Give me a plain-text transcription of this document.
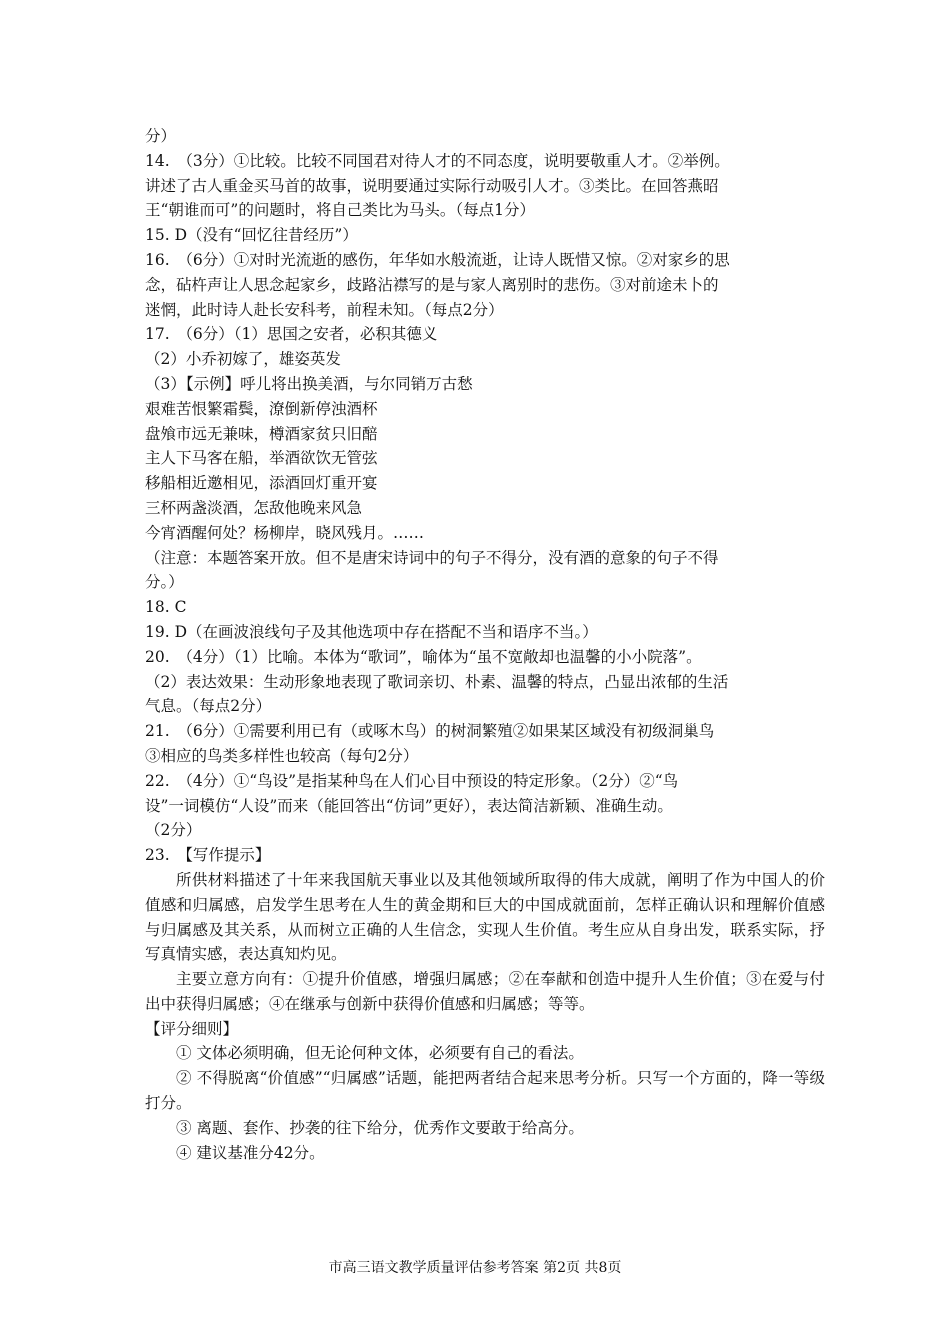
分）
14.　（3分）①比较。比较不同国君对待人才的不同态度，说明要敬重人才。②举例。
讲述了古人重金买马首的故事，说明要通过实际行动吸引人才。③类比。在回答燕昭
王“朝谁而可”的问题时，将自己类比为马头。（每点1分）
15. D（没有“回忆往昔经历”）
16.　（6分）①对时光流逝的感伤，年华如水般流逝，让诗人既惜又惊。②对家乡的思
念，砧杵声让人思念起家乡，歧路沾襟写的是与家人离别时的悲伤。③对前途未卜的
迷惘，此时诗人赴长安科考，前程未知。（每点2分）
17.　（6分）（1）思国之安者，必积其德义
（2）小乔初嫁了，雄姿英发
（3）【示例】呼儿将出换美酒，与尔同销万古愁
艰难苦恨繁霜鬓，潦倒新停浊酒杯
盘飧市远无兼味，樽酒家贫只旧醅
主人下马客在船，举酒欲饮无管弦
移船相近邀相见，添酒回灯重开宴
三杯两盏淡酒，怎敌他晚来风急
今宵酒醒何处？杨柳岸，晓风残月。……
（注意：本题答案开放。但不是唐宋诗词中的句子不得分，没有酒的意象的句子不得
分。）
18. C
19. D（在画波浪线句子及其他选项中存在搭配不当和语序不当。）
20.　（4分）（1）比喻。本体为“歌词”，喻体为“虽不宽敞却也温馨的小小院落”。
（2）表达效果：生动形象地表现了歌词亲切、朴素、温馨的特点，凸显出浓郁的生活
气息。（每点2分）
21.　（6分）①需要利用已有（或啄木鸟）的树洞繁殖②如果某区域没有初级洞巢鸟
③相应的鸟类多样性也较高（每句2分）
22.　（4分）①“鸟设”是指某种鸟在人们心目中预设的特定形象。（2分）②“鸟
设”一词模仿“人设”而来（能回答出“仿词”更好），表达简洁新颖、准确生动。
（2分）
23.　【写作提示】
所供材料描述了十年来我国航天事业以及其他领域所取得的伟大成就，阐明了作为中国人的价值感和归属感，启发学生思考在人生的黄金期和巨大的中国成就面前，怎样正确认识和理解价值感与归属感及其关系，从而树立正确的人生信念，实现人生价值。考生应从自身出发，联系实际，抒写真情实感，表达真知灼见。
主要立意方向有：①提升价值感，增强归属感；②在奉献和创造中提升人生价值；③在爱与付出中获得归属感；④在继承与创新中获得价值感和归属感；等等。
【评分细则】
① 文体必须明确，但无论何种文体，必须要有自己的看法。
② 不得脱离“价值感”“归属感”话题，能把两者结合起来思考分析。只写一个方面的，降一等级打分。
③ 离题、套作、抄袭的往下给分，优秀作文要敢于给高分。
④ 建议基准分42分。
市高三语文教学质量评估参考答案 第2页 共8页
